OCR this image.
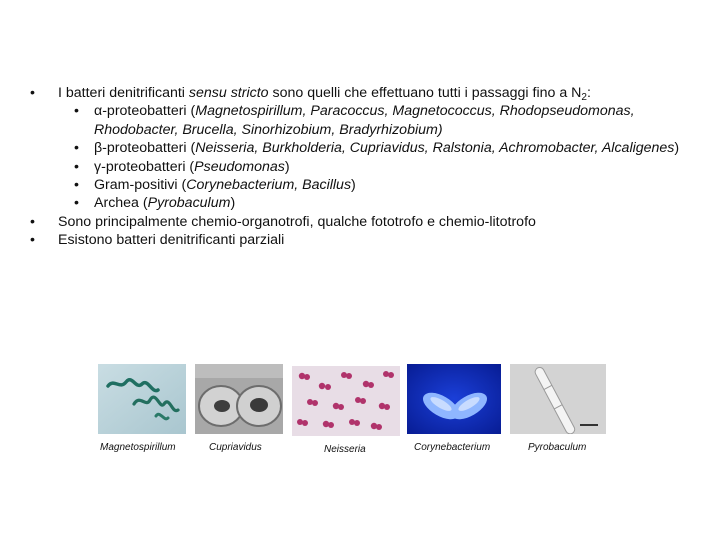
• I batteri denitrificanti sensu stricto sono quelli che effettuano tutti i passaggi fino a $N_2$:
• α-proteobatteri (Magnetospirillum, Paracoccus, Magnetococcus, Rhodopseudomonas, Rhodobacter, Brucella, Sinorhizobium, Bradyrhizobium)
• β-proteobatteri (Neisseria, Burkholderia, Cupriavidus, Ralstonia, Achromobacter, Alcaligenes)
• γ-proteobatteri (Pseudomonas)
• Gram-positivi (Corynebacterium, Bacillus)
• Archea (Pyrobaculum)
• Sono principalmente chemio-organotrofi, qualche fototrofo e chemio-litotrofo
• Esistono batteri denitrificanti parziali
Magnetospirillum	Cupriavidus	Neisseria	Corynebacterium	Pyrobaculum
